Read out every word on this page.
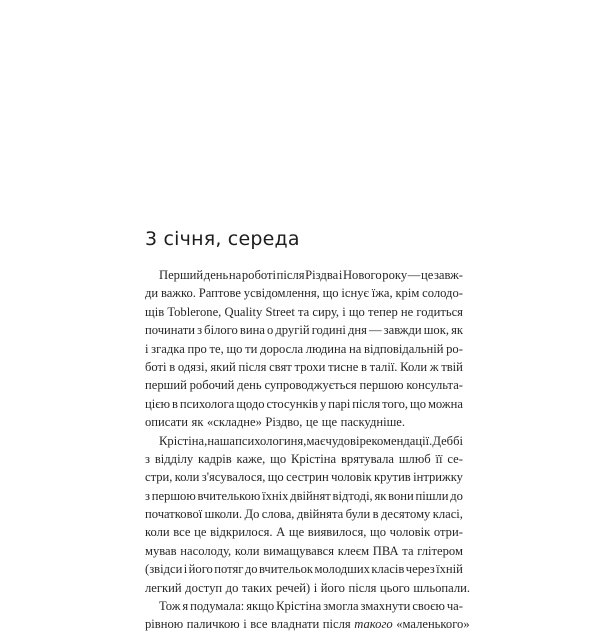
3 січня, середа
Перший день на роботі після Різдва і Нового року — це завж-
ди важко. Раптове усвідомлення, що існує їжа, крім солодо-
щів Toblerone, Quality Street та сиру, і що тепер не годиться
починати з білого вина о другій годині дня — завжди шок, як
і згадка про те, що ти доросла людина на відповідальній ро-
боті в одязі, який після свят трохи тисне в талії. Коли ж твій
перший робочий день супроводжується першою консульта-
цією в психолога щодо стосунків у парі після того, що можна
описати як «складне» Різдво, це ще паскудніше.
Крістіна, наша психологиня, має чудові рекомендації. Деббі
з відділу кадрів каже, що Крістіна врятувала шлюб її се-
стри, коли з'ясувалося, що сестрин чоловік крутив інтрижку
з першою вчителькою їхніх двійнят відтоді, як вони пішли до
початкової школи. До слова, двійнята були в десятому класі,
коли все це відкрилося. А ще виявилося, що чоловік отри-
мував насолоду, коли вимащувався клеєм ПВА та глітером
(звідси і його потяг до вчительок молодших класів через їхній
легкий доступ до таких речей) і його після цього шльопали.
Тож я подумала: якщо Крістіна змогла змахнути своєю ча-
рівною паличкою і все владнати після такого «маленького»
